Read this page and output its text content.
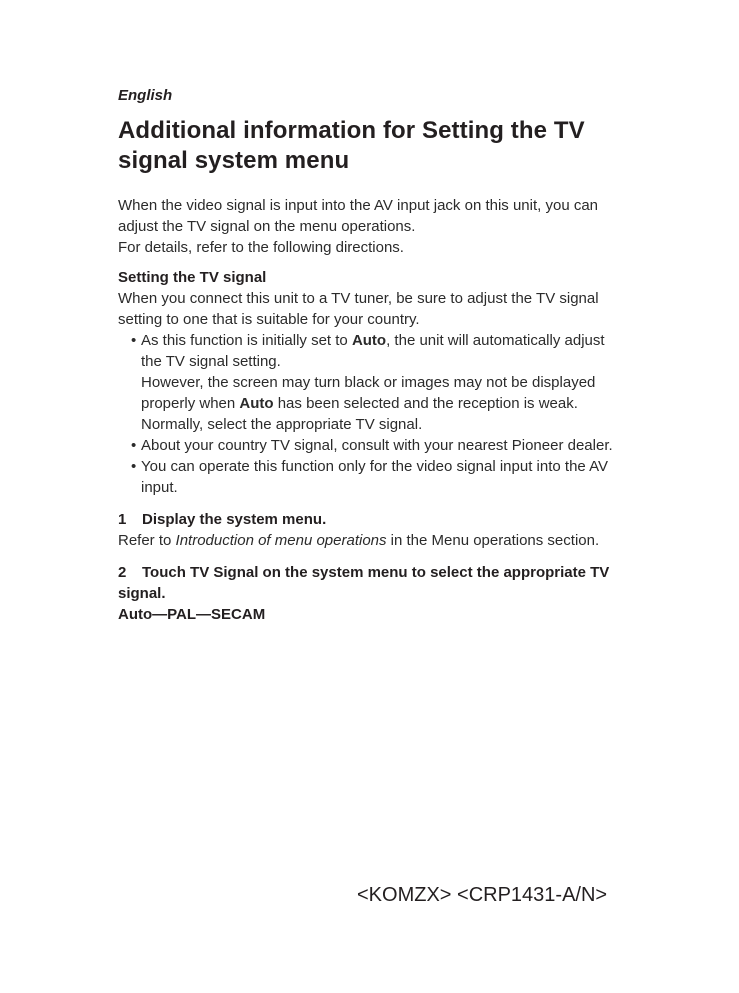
English

Additional information for Setting the TV signal system menu

When the video signal is input into the AV input jack on this unit, you can adjust the TV signal on the menu operations.
For details, refer to the following directions.

Setting the TV signal

When you connect this unit to a TV tuner, be sure to adjust the TV signal setting to one that is suitable for your country.

• As this function is initially set to Auto, the unit will automatically adjust the TV signal setting.
However, the screen may turn black or images may not be displayed properly when Auto has been selected and the reception is weak. Normally, select the appropriate TV signal.
• About your country TV signal, consult with your nearest Pioneer dealer.
• You can operate this function only for the video signal input into the AV input.
1 Display the system menu.

Refer to Introduction of menu operations in the Menu operations section.

2 Touch TV Signal on the system menu to select the appropriate TV signal.

Auto—PAL—SECAM

<KOMZX> <CRP1431-A/N>
